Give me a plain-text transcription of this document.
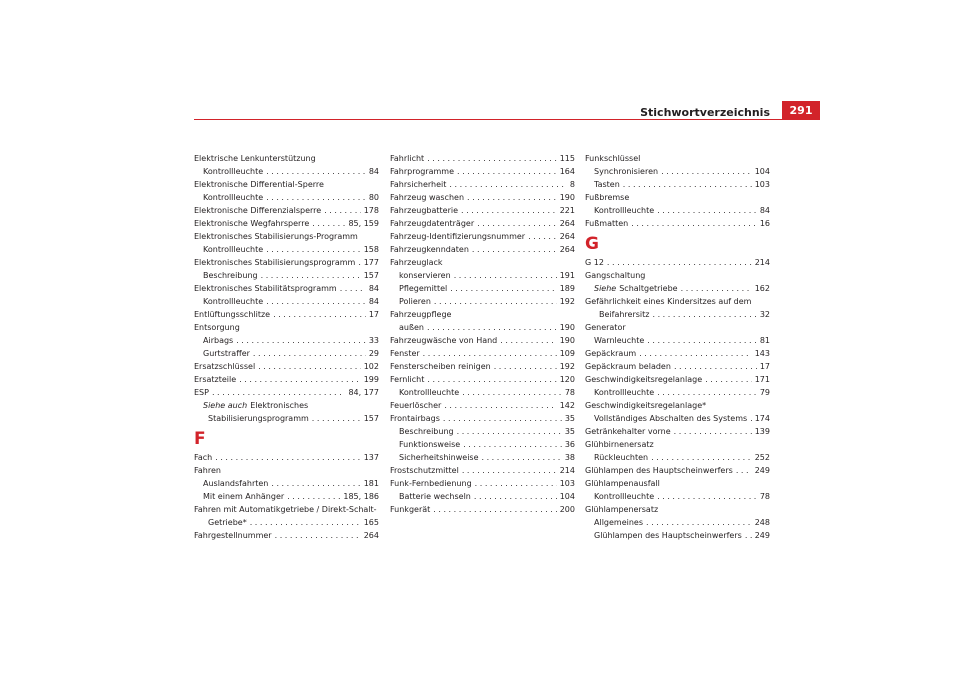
Stichwortverzeichnis	291
Elektrische Lenkunterstützung
Kontrollleuchte . . .	84
Elektronische Differential-Sperre
Kontrollleuchte . . .	80
Elektronische Differenzialsperre . . .	178
Elektronische Wegfahrsperre . . .	85, 159
Elektronisches Stabilisierungs-Programm
Kontrollleuchte . . .	158
Elektronisches Stabilisierungsprogramm . . . 177
Beschreibung . . .	157
Elektronisches Stabilitätsprogramm . . .	84
Kontrollleuchte . . .	84
Entlüftungsschlitze . . .	17
Entsorgung
Airbags . . .	33
Gurtstraffer . . .	29
Ersatzschlüssel . . .	102
Ersatzteile . . .	199
ESP . . .	84, 177
Siehe auch Elektronisches
Stabilisierungsprogramm . . .	157
F
Fach . . .	137
Fahren
Auslandsfahrten . . .	181
Mit einem Anhänger . . .	185, 186
Fahren mit Automatikgetriebe / Direkt-Schalt-
Getriebe* . . .	165
Fahrgestellnummer . . .	264
Fahrlicht . . .	115
Fahrprogramme . . .	164
Fahrsicherheit . . .	8
Fahrzeug waschen . . .	190
Fahrzeugbatterie . . .	221
Fahrzeugdatenträger . . .	264
Fahrzeug-Identifizierungsnummer . . .	264
Fahrzeugkenndaten . . .	264
Fahrzeuglack
konservieren . . .	191
Pflegemittel . . .	189
Polieren . . .	192
Fahrzeugpflege
außen . . .	190
Fahrzeugwäsche von Hand . . .	190
Fenster . . .	109
Fensterscheiben reinigen . . .	192
Fernlicht . . .	120
Kontrollleuchte . . .	78
Feuerlöscher . . .	142
Frontairbags . . .	35
Beschreibung . . .	35
Funktionsweise . . .	36
Sicherheitshinweise . . .	38
Frostschutzmittel . . .	214
Funk-Fernbedienung . . .	103
Batterie wechseln . . .	104
Funkgerät . . .	200
Funkschlüssel
Synchronisieren . . .	104
Tasten . . .	103
Fußbremse
Kontrollleuchte . . .	84
Fußmatten . . .	16
G
G 12 . . .	214
Gangschaltung
Siehe Schaltgetriebe . . .	162
Gefährlichkeit eines Kindersitzes auf dem
Beifahrersitz . . .	32
Generator
Warnleuchte . . .	81
Gepäckraum . . .	143
Gepäckraum beladen . . .	17
Geschwindigkeitsregelanlage . . .	171
Kontrollleuchte . . .	79
Geschwindigkeitsregelanlage*
Vollständiges Abschalten des Systems . . . 174
Getränkehalter vorne . . .	139
Glühbirnenersatz
Rückleuchten . . .	252
Glühlampen des Hauptscheinwerfers . . .	249
Glühlampenausfall
Kontrollleuchte . . .	78
Glühlampenersatz
Allgemeines . . .	248
Glühlampen des Hauptscheinwerfers . . . 249
